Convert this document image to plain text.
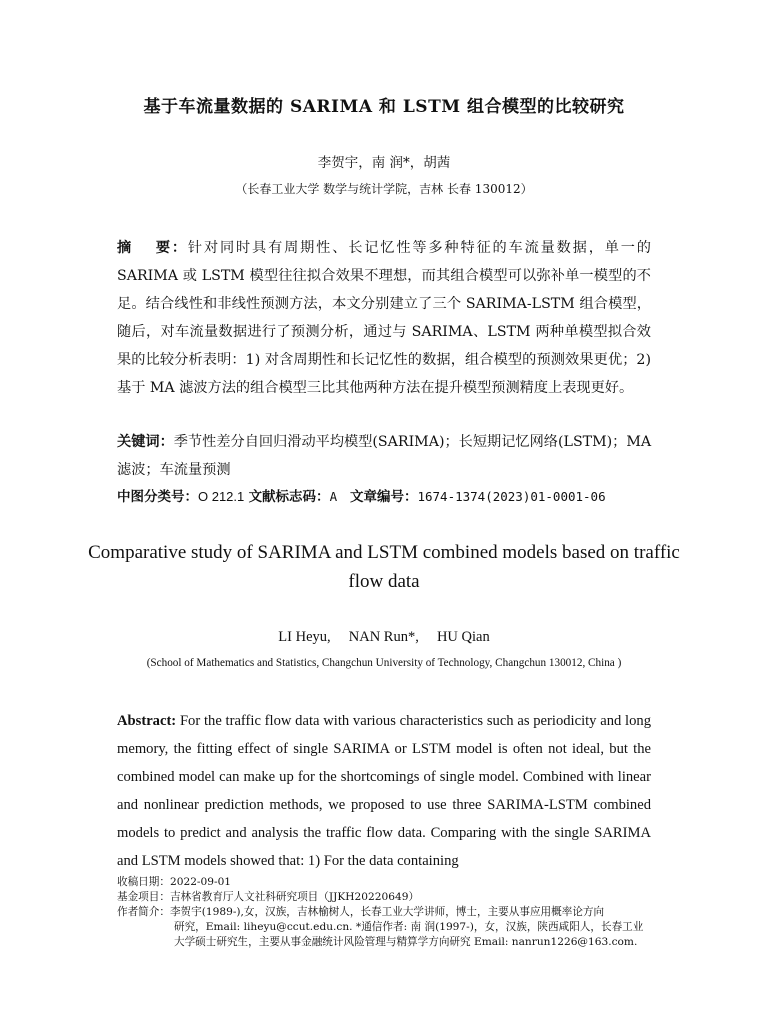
基于车流量数据的 SARIMA 和 LSTM 组合模型的比较研究
李贺宇，南 润*，胡茜
（长春工业大学 数学与统计学院，吉林 长春 130012）
摘　 要：针对同时具有周期性、长记忆性等多种特征的车流量数据，单一的SARIMA 或 LSTM 模型往往拟合效果不理想，而其组合模型可以弥补单一模型的不足。结合线性和非线性预测方法，本文分别建立了三个 SARIMA-LSTM 组合模型，随后，对车流量数据进行了预测分析，通过与 SARIMA、LSTM 两种单模型拟合效果的比较分析表明：1) 对含周期性和长记忆性的数据，组合模型的预测效果更优；2) 基于 MA 滤波方法的组合模型三比其他两种方法在提升模型预测精度上表现更好。
关键词：季节性差分自回归滑动平均模型(SARIMA)；长短期记忆网络(LSTM)；MA 滤波；车流量预测
中图分类号：O 212.1 文献标志码：A 文章编号：1674-1374(2023)01-0001-06
Comparative study of SARIMA and LSTM combined models based on traffic flow data
LI Heyu,　 NAN Run*,　 HU Qian
(School of Mathematics and Statistics, Changchun University of Technology, Changchun 130012, China )
Abstract: For the traffic flow data with various characteristics such as periodicity and long memory, the fitting effect of single SARIMA or LSTM model is often not ideal, but the combined model can make up for the shortcomings of single model. Combined with linear and nonlinear prediction methods, we proposed to use three SARIMA-LSTM combined models to predict and analysis the traffic flow data. Comparing with the single SARIMA and LSTM models showed that: 1) For the data containing
收稿日期：2022-09-01
基金项目：吉林省教育厅人文社科研究项目（JJKH20220649）
作者简介：李贺宇(1989-),女，汉族，吉林榆树人，长春工业大学讲师，博士，主要从事应用概率论方向
研究，Email: liheyu@ccut.edu.cn. *通信作者: 南 润(1997-)，女，汉族，陕西咸阳人，长春工业
大学硕士研究生，主要从事金融统计风险管理与精算学方向研究 Email: nanrun1226@163.com.
